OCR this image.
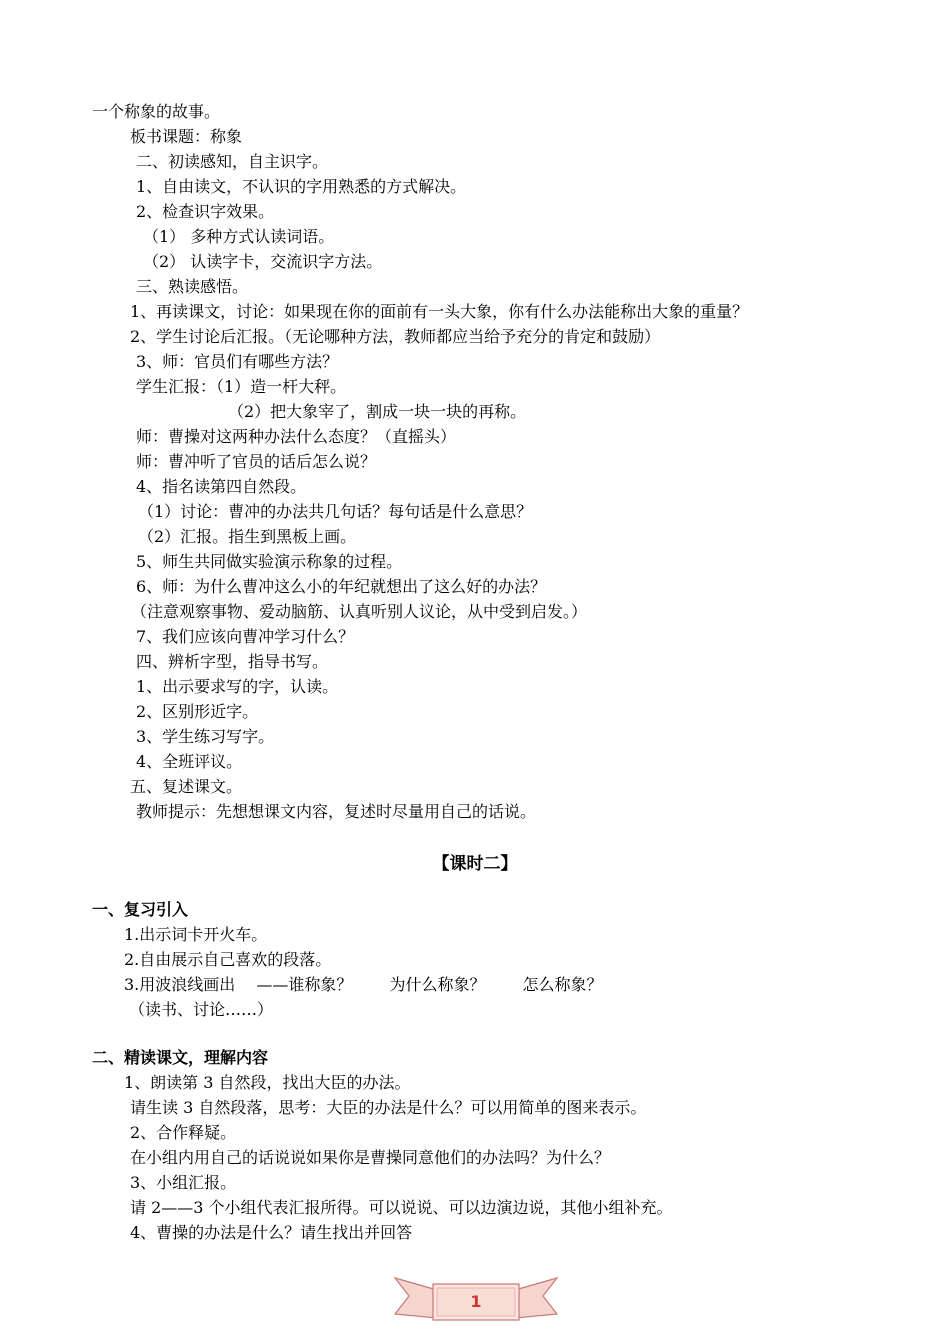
一个称象的故事。
板书课题：称象
二、初读感知，自主识字。
1、自由读文，不认识的字用熟悉的方式解决。
2、检查识字效果。
（1） 多种方式认读词语。
（2） 认读字卡，交流识字方法。
三、熟读感悟。
1、再读课文，讨论：如果现在你的面前有一头大象，你有什么办法能称出大象的重量？
2、学生讨论后汇报。（无论哪种方法，教师都应当给予充分的肯定和鼓励）
3、师：官员们有哪些方法？
学生汇报：（1）造一杆大秤。
（2）把大象宰了，割成一块一块的再称。
师：曹操对这两种办法什么态度？（直摇头）
师：曹冲听了官员的话后怎么说？
4、指名读第四自然段。
（1）讨论：曹冲的办法共几句话？每句话是什么意思？
（2）汇报。指生到黑板上画。
5、师生共同做实验演示称象的过程。
6、师：为什么曹冲这么小的年纪就想出了这么好的办法？
（注意观察事物、爱动脑筋、认真听别人议论，从中受到启发。）
7、我们应该向曹冲学习什么？
四、辨析字型，指导书写。
1、出示要求写的字，认读。
2、区别形近字。
3、学生练习写字。
4、全班评议。
五、复述课文。
教师提示：先想想课文内容，复述时尽量用自己的话说。
【课时二】
一、复习引入
1.出示词卡开火车。
2.自由展示自己喜欢的段落。
3.用波浪线画出　 ——谁称象？　　 为什么称象？　　 怎么称象？
（读书、讨论……）
二、精读课文，理解内容
1、朗读第 3 自然段，找出大臣的办法。
请生读 3 自然段落，思考：大臣的办法是什么？可以用简单的图来表示。
2、合作释疑。
在小组内用自己的话说说如果你是曹操同意他们的办法吗？为什么？
3、小组汇报。
请 2——3 个小组代表汇报所得。可以说说、可以边演边说，其他小组补充。
4、曹操的办法是什么？请生找出并回答
1
